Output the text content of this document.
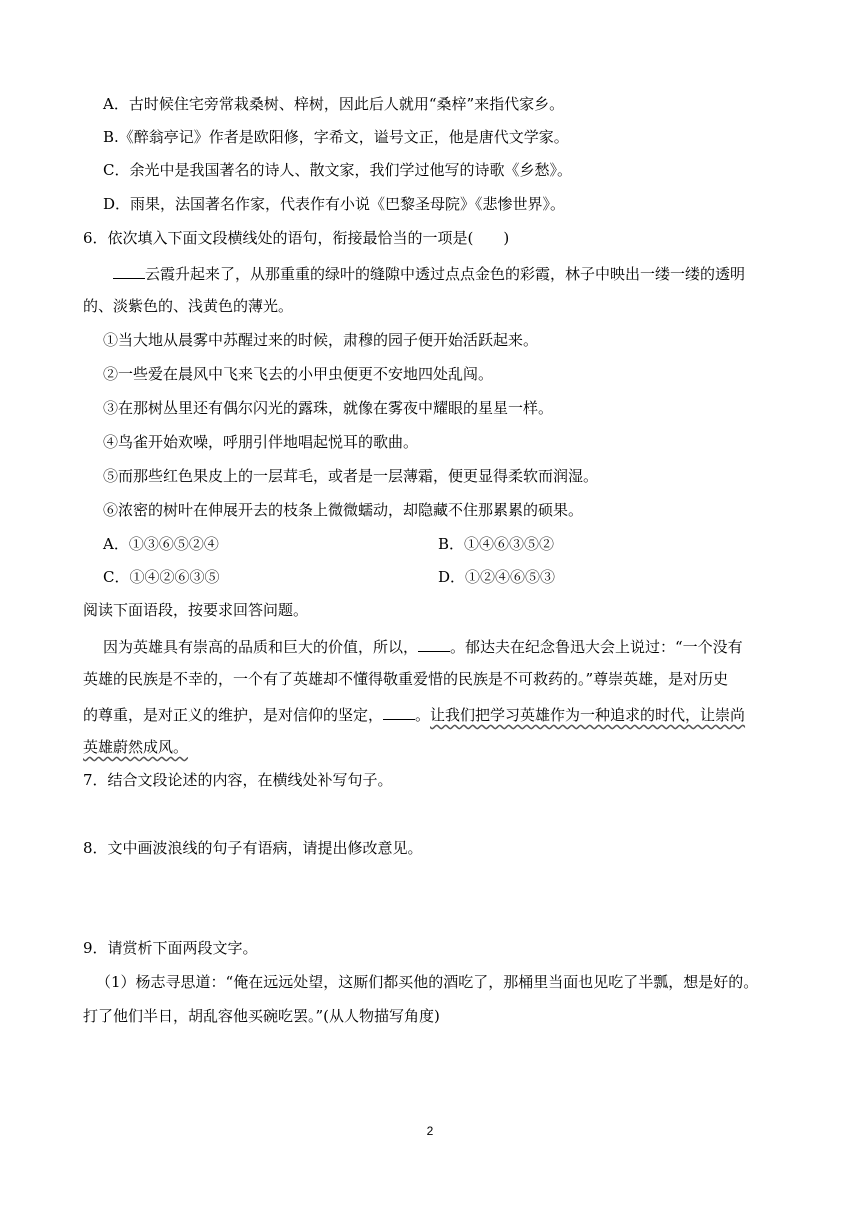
A．古时候住宅旁常栽桑树、梓树，因此后人就用“桑梓”来指代家乡。
B.《醉翁亭记》作者是欧阳修，字希文，谥号文正，他是唐代文学家。
C．余光中是我国著名的诗人、散文家，我们学过他写的诗歌《乡愁》。
D．雨果，法国著名作家，代表作有小说《巴黎圣母院》《悲惨世界》。
6．依次填入下面文段横线处的语句，衔接最恰当的一项是(　　)
云霞升起来了，从那重重的绿叶的缝隙中透过点点金色的彩霞，林子中映出一缕一缕的透明
的、淡紫色的、浅黄色的薄光。
①当大地从晨雾中苏醒过来的时候，肃穆的园子便开始活跃起来。
②一些爱在晨风中飞来飞去的小甲虫便更不安地四处乱闯。
③在那树丛里还有偶尔闪光的露珠，就像在雾夜中耀眼的星星一样。
④鸟雀开始欢噪，呼朋引伴地唱起悦耳的歌曲。
⑤而那些红色果皮上的一层茸毛，或者是一层薄霜，便更显得柔软而润湿。
⑥浓密的树叶在伸展开去的枝条上微微蠕动，却隐藏不住那累累的硕果。
A．①③⑥⑤②④	B．①④⑥③⑤②
C．①④②⑥③⑤	D．①②④⑥⑤③
阅读下面语段，按要求回答问题。
因为英雄具有崇高的品质和巨大的价值，所以， 。郁达夫在纪念鲁迅大会上说过：“一个没有
英雄的民族是不幸的，一个有了英雄却不懂得敬重爱惜的民族是不可救药的。”尊崇英雄，是对历史
的尊重，是对正义的维护，是对信仰的坚定， 。让我们把学习英雄作为一种追求的时代，让崇尚
英雄蔚然成风。
7．结合文段论述的内容，在横线处补写句子。
8．文中画波浪线的句子有语病，请提出修改意见。
9．请赏析下面两段文字。
（1）杨志寻思道：“俺在远远处望，这厮们都买他的酒吃了，那桶里当面也见吃了半瓢，想是好的。
打了他们半日，胡乱容他买碗吃罢。”(从人物描写角度)
2
